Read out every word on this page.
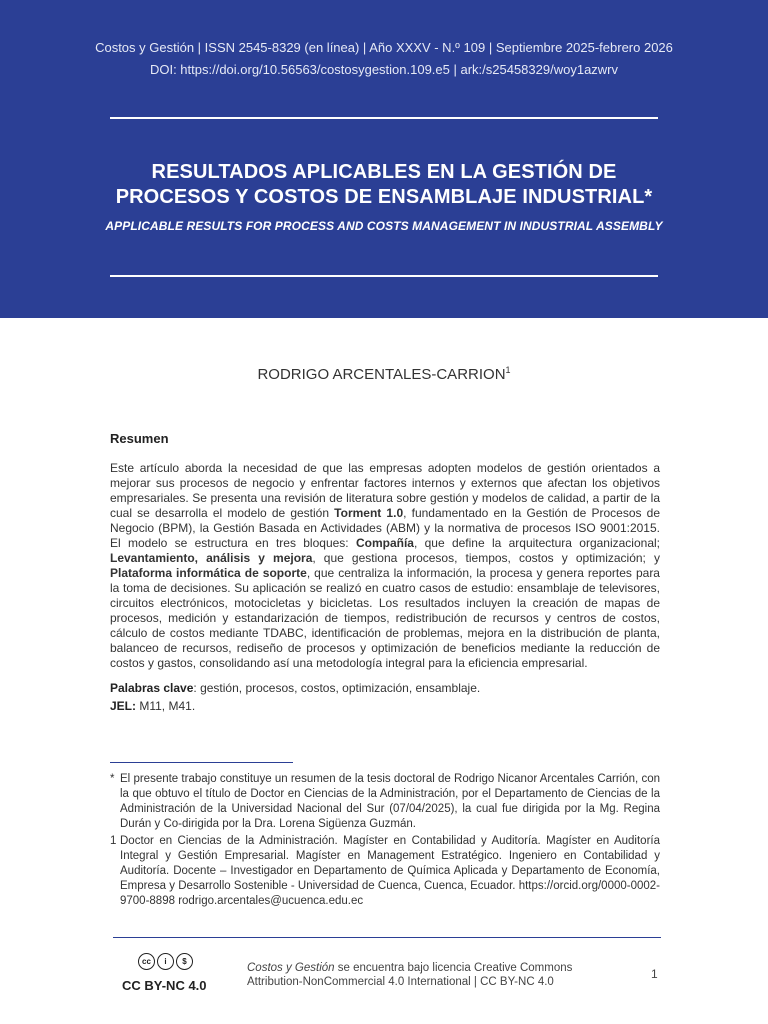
Costos y Gestión | ISSN 2545-8329 (en línea) | Año XXXV - N.º 109 | Septiembre 2025-febrero 2026
DOI: https://doi.org/10.56563/costosygestion.109.e5 | ark:/s25458329/woy1azwrv
RESULTADOS APLICABLES EN LA GESTIÓN DE
PROCESOS Y COSTOS DE ENSAMBLAJE INDUSTRIAL*
APPLICABLE RESULTS FOR PROCESS AND COSTS MANAGEMENT IN INDUSTRIAL ASSEMBLY
RODRIGO ARCENTALES-CARRION$^1$
Resumen
Este artículo aborda la necesidad de que las empresas adopten modelos de gestión orientados a mejorar sus procesos de negocio y enfrentar factores internos y externos que afectan los objetivos empresariales. Se presenta una revisión de literatura sobre gestión y modelos de calidad, a partir de la cual se desarrolla el modelo de gestión Torment 1.0, fundamentado en la Gestión de Procesos de Negocio (BPM), la Gestión Basada en Actividades (ABM) y la normativa de procesos ISO 9001:2015. El modelo se estructura en tres bloques: Compañía, que define la arquitectura organizacional; Levantamiento, análisis y mejora, que gestiona procesos, tiempos, costos y optimización; y Plataforma informática de soporte, que centraliza la información, la procesa y genera reportes para la toma de decisiones. Su aplicación se realizó en cuatro casos de estudio: ensamblaje de televisores, circuitos electrónicos, motocicletas y bicicletas. Los resultados incluyen la creación de mapas de procesos, medición y estandarización de tiempos, redistribución de recursos y centros de costos, cálculo de costos mediante TDABC, identificación de problemas, mejora en la distribución de planta, balanceo de recursos, rediseño de procesos y optimización de beneficios mediante la reducción de costos y gastos, consolidando así una metodología integral para la eficiencia empresarial.
Palabras clave: gestión, procesos, costos, optimización, ensamblaje.
JEL: M11, M41.
* El presente trabajo constituye un resumen de la tesis doctoral de Rodrigo Nicanor Arcentales Carrión, con la que obtuvo el título de Doctor en Ciencias de la Administración, por el Departamento de Ciencias de la Administración de la Universidad Nacional del Sur (07/04/2025), la cual fue dirigida por la Mg. Regina Durán y Co-dirigida por la Dra. Lorena Sigüenza Guzmán.
1 Doctor en Ciencias de la Administración. Magíster en Contabilidad y Auditoría. Magíster en Auditoría Integral y Gestión Empresarial. Magíster en Management Estratégico. Ingeniero en Contabilidad y Auditoría. Docente – Investigador en Departamento de Química Aplicada y Departamento de Economía, Empresa y Desarrollo Sostenible - Universidad de Cuenca, Cuenca, Ecuador. https://orcid.org/0000-0002-9700-8898 rodrigo.arcentales@ucuenca.edu.ec
cc	i	$
CC BY-NC 4.0
Costos y Gestión se encuentra bajo licencia Creative Commons
Attribution-NonCommercial 4.0 International | CC BY-NC 4.0
1
